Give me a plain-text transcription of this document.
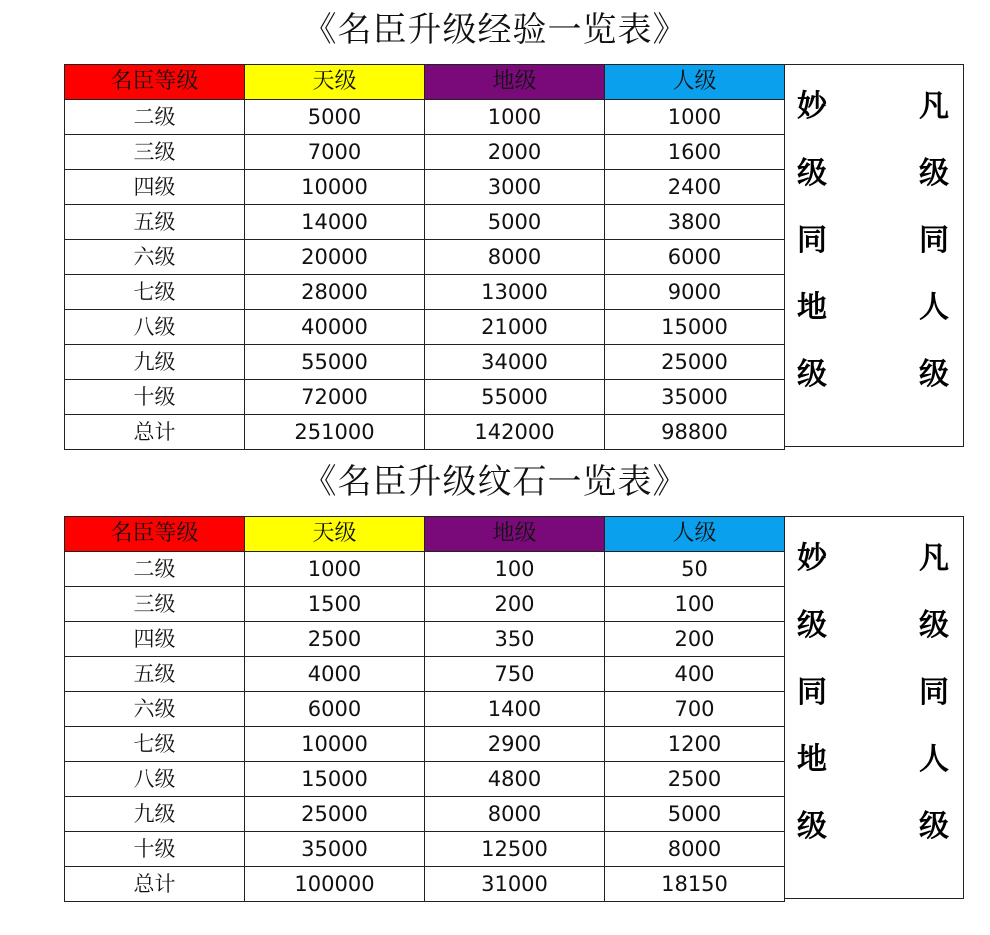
《名臣升级经验一览表》
名臣等级	天级	地级	人级
二级	5000	1000	1000
三级	7000	2000	1600
四级	10000	3000	2400
五级	14000	5000	3800
六级	20000	8000	6000
七级	28000	13000	9000
八级	40000	21000	15000
九级	55000	34000	25000
十级	72000	55000	35000
总计	251000	142000	98800
妙
级
同
地
级
凡
级
同
人
级
《名臣升级纹石一览表》
名臣等级	天级	地级	人级
二级	1000	100	50
三级	1500	200	100
四级	2500	350	200
五级	4000	750	400
六级	6000	1400	700
七级	10000	2900	1200
八级	15000	4800	2500
九级	25000	8000	5000
十级	35000	12500	8000
总计	100000	31000	18150
妙
级
同
地
级
凡
级
同
人
级
